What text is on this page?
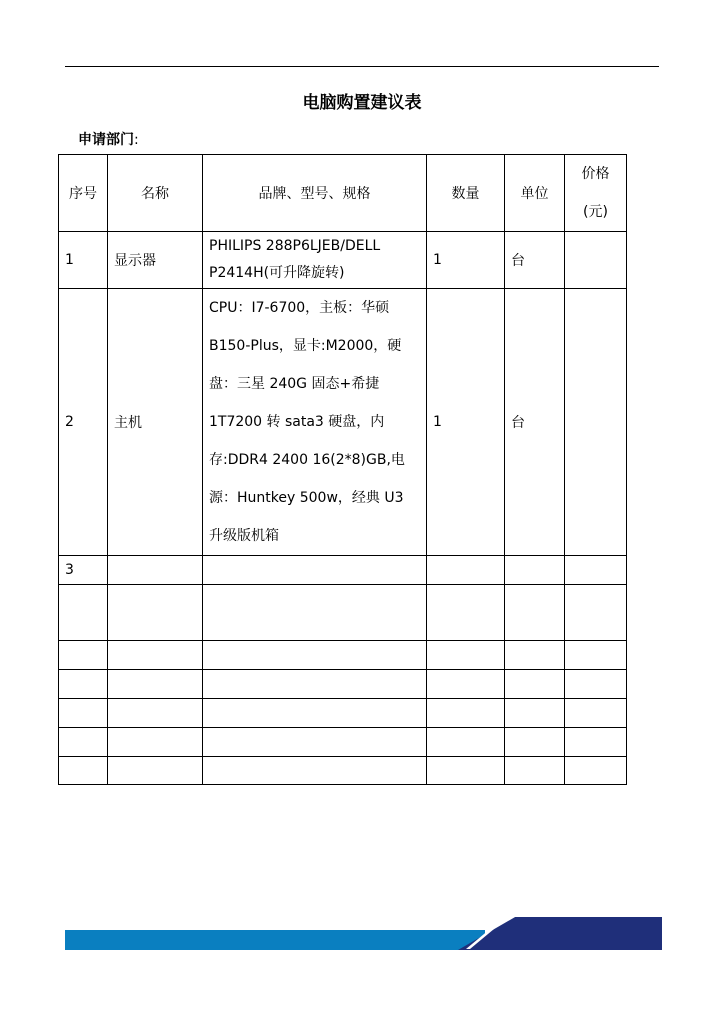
电脑购置建议表
申请部门:
序号	名称	品牌、型号、规格	数量	单位	价格
(元)

1	显示器	PHILIPS 288P6LJEB/DELL P2414H(可升降旋转)	1	台	
2	主机	CPU：I7-6700，主板：华硕 B150-Plus，显卡:M2000，硬盘：三星 240G 固态+希捷 1T7200 转 sata3 硬盘，内存:DDR4 2400 16(2*8)GB,电源：Huntkey 500w，经典 U3 升级版机箱	1	台	
3					
